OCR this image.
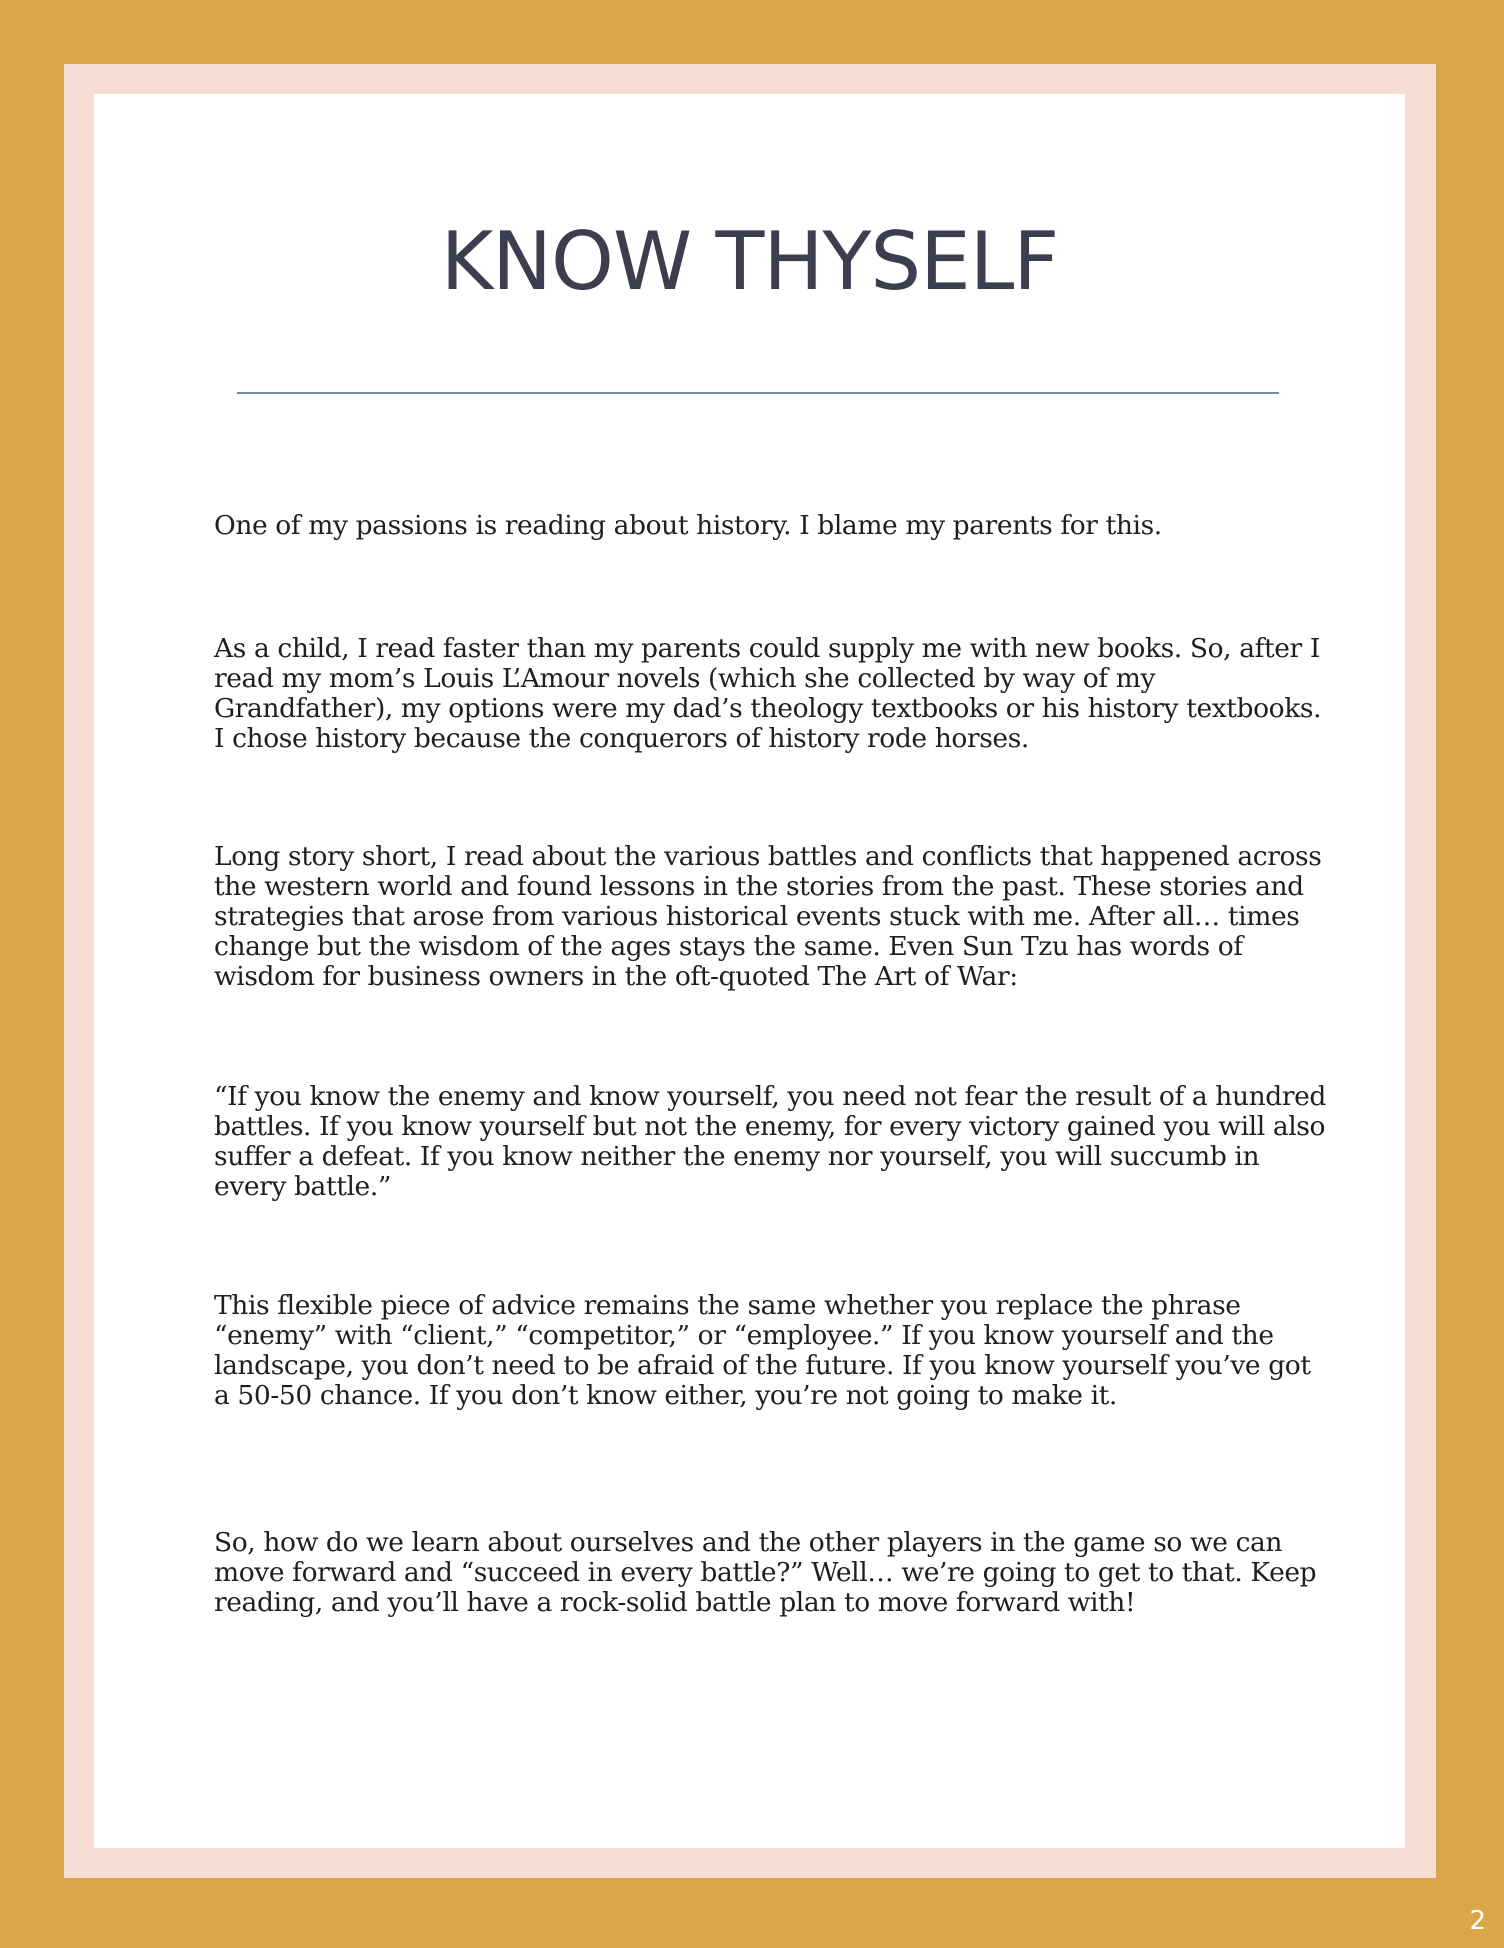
KNOW THYSELF

One of my passions is reading about history. I blame my parents for this.

As a child, I read faster than my parents could supply me with new books. So, after I read my mom’s Louis L’Amour novels (which she collected by way of my Grandfather), my options were my dad’s theology textbooks or his history textbooks. I chose history because the conquerors of history rode horses.

Long story short, I read about the various battles and conflicts that happened across the western world and found lessons in the stories from the past. These stories and strategies that arose from various historical events stuck with me. After all… times change but the wisdom of the ages stays the same. Even Sun Tzu has words of wisdom for business owners in the oft-quoted The Art of War:

“If you know the enemy and know yourself, you need not fear the result of a hundred battles. If you know yourself but not the enemy, for every victory gained you will also suffer a defeat. If you know neither the enemy nor yourself, you will succumb in every battle.”

This flexible piece of advice remains the same whether you replace the phrase “enemy” with “client,” “competitor,” or “employee.” If you know yourself and the landscape, you don’t need to be afraid of the future. If you know yourself you’ve got a 50-50 chance. If you don’t know either, you’re not going to make it.

So, how do we learn about ourselves and the other players in the game so we can move forward and “succeed in every battle?” Well… we’re going to get to that. Keep reading, and you’ll have a rock-solid battle plan to move forward with!

2
